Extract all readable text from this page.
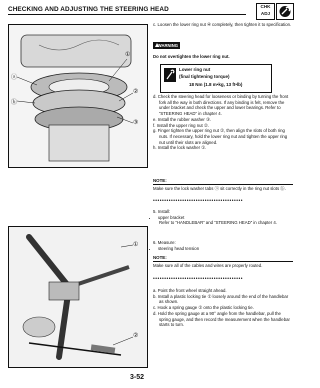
CHECKING AND ADJUSTING THE STEERING HEAD	CHK
ADJ
①
②
③
ⓐ
ⓑ
①
②
c. Loosen the lower ring nut ④ completely, then tighten it to specification.
WARNING
Do not overtighten the lower ring nut.
Lower ring nut
(final tightening torque)
18 Nm (1.8 m•kg, 13 ft•lb)
d. Check the steering head for looseness or binding by turning the front fork all the way in both directions. If any binding is felt, remove the under bracket and check the upper and lower bearings. Refer to “STEERING HEAD” in chapter 4.
e. Install the rubber washer ③.
f. Install the upper ring nut ②.
g. Finger tighten the upper ring nut ②, then align the slots of both ring nuts. If necessary, hold the lower ring nut and tighten the upper ring nut until their slots are aligned.
h. Install the lock washer ①.
NOTE:
Make sure the lock washer tabs ⓐ sit correctly in the ring nut slots ⓑ.
••••••••••••••••••••••••••••••••••••••••
5. Install:
• upper bracket
Refer to “HANDLEBAR” and “STEERING HEAD” in chapter 4.
6. Measure:
• steering head tension
NOTE:
Make sure all of the cables and wires are properly routed.
••••••••••••••••••••••••••••••••••••••••
a. Point the front wheel straight ahead.
b. Install a plastic locking tie ① loosely around the end of the handlebar as shown.
c. Hook a spring gauge ② onto the plastic locking tie.
d. Hold the spring gauge at a 90° angle from the handlebar, pull the spring gauge, and then record the measurement when the handlebar starts to turn.
3-52
